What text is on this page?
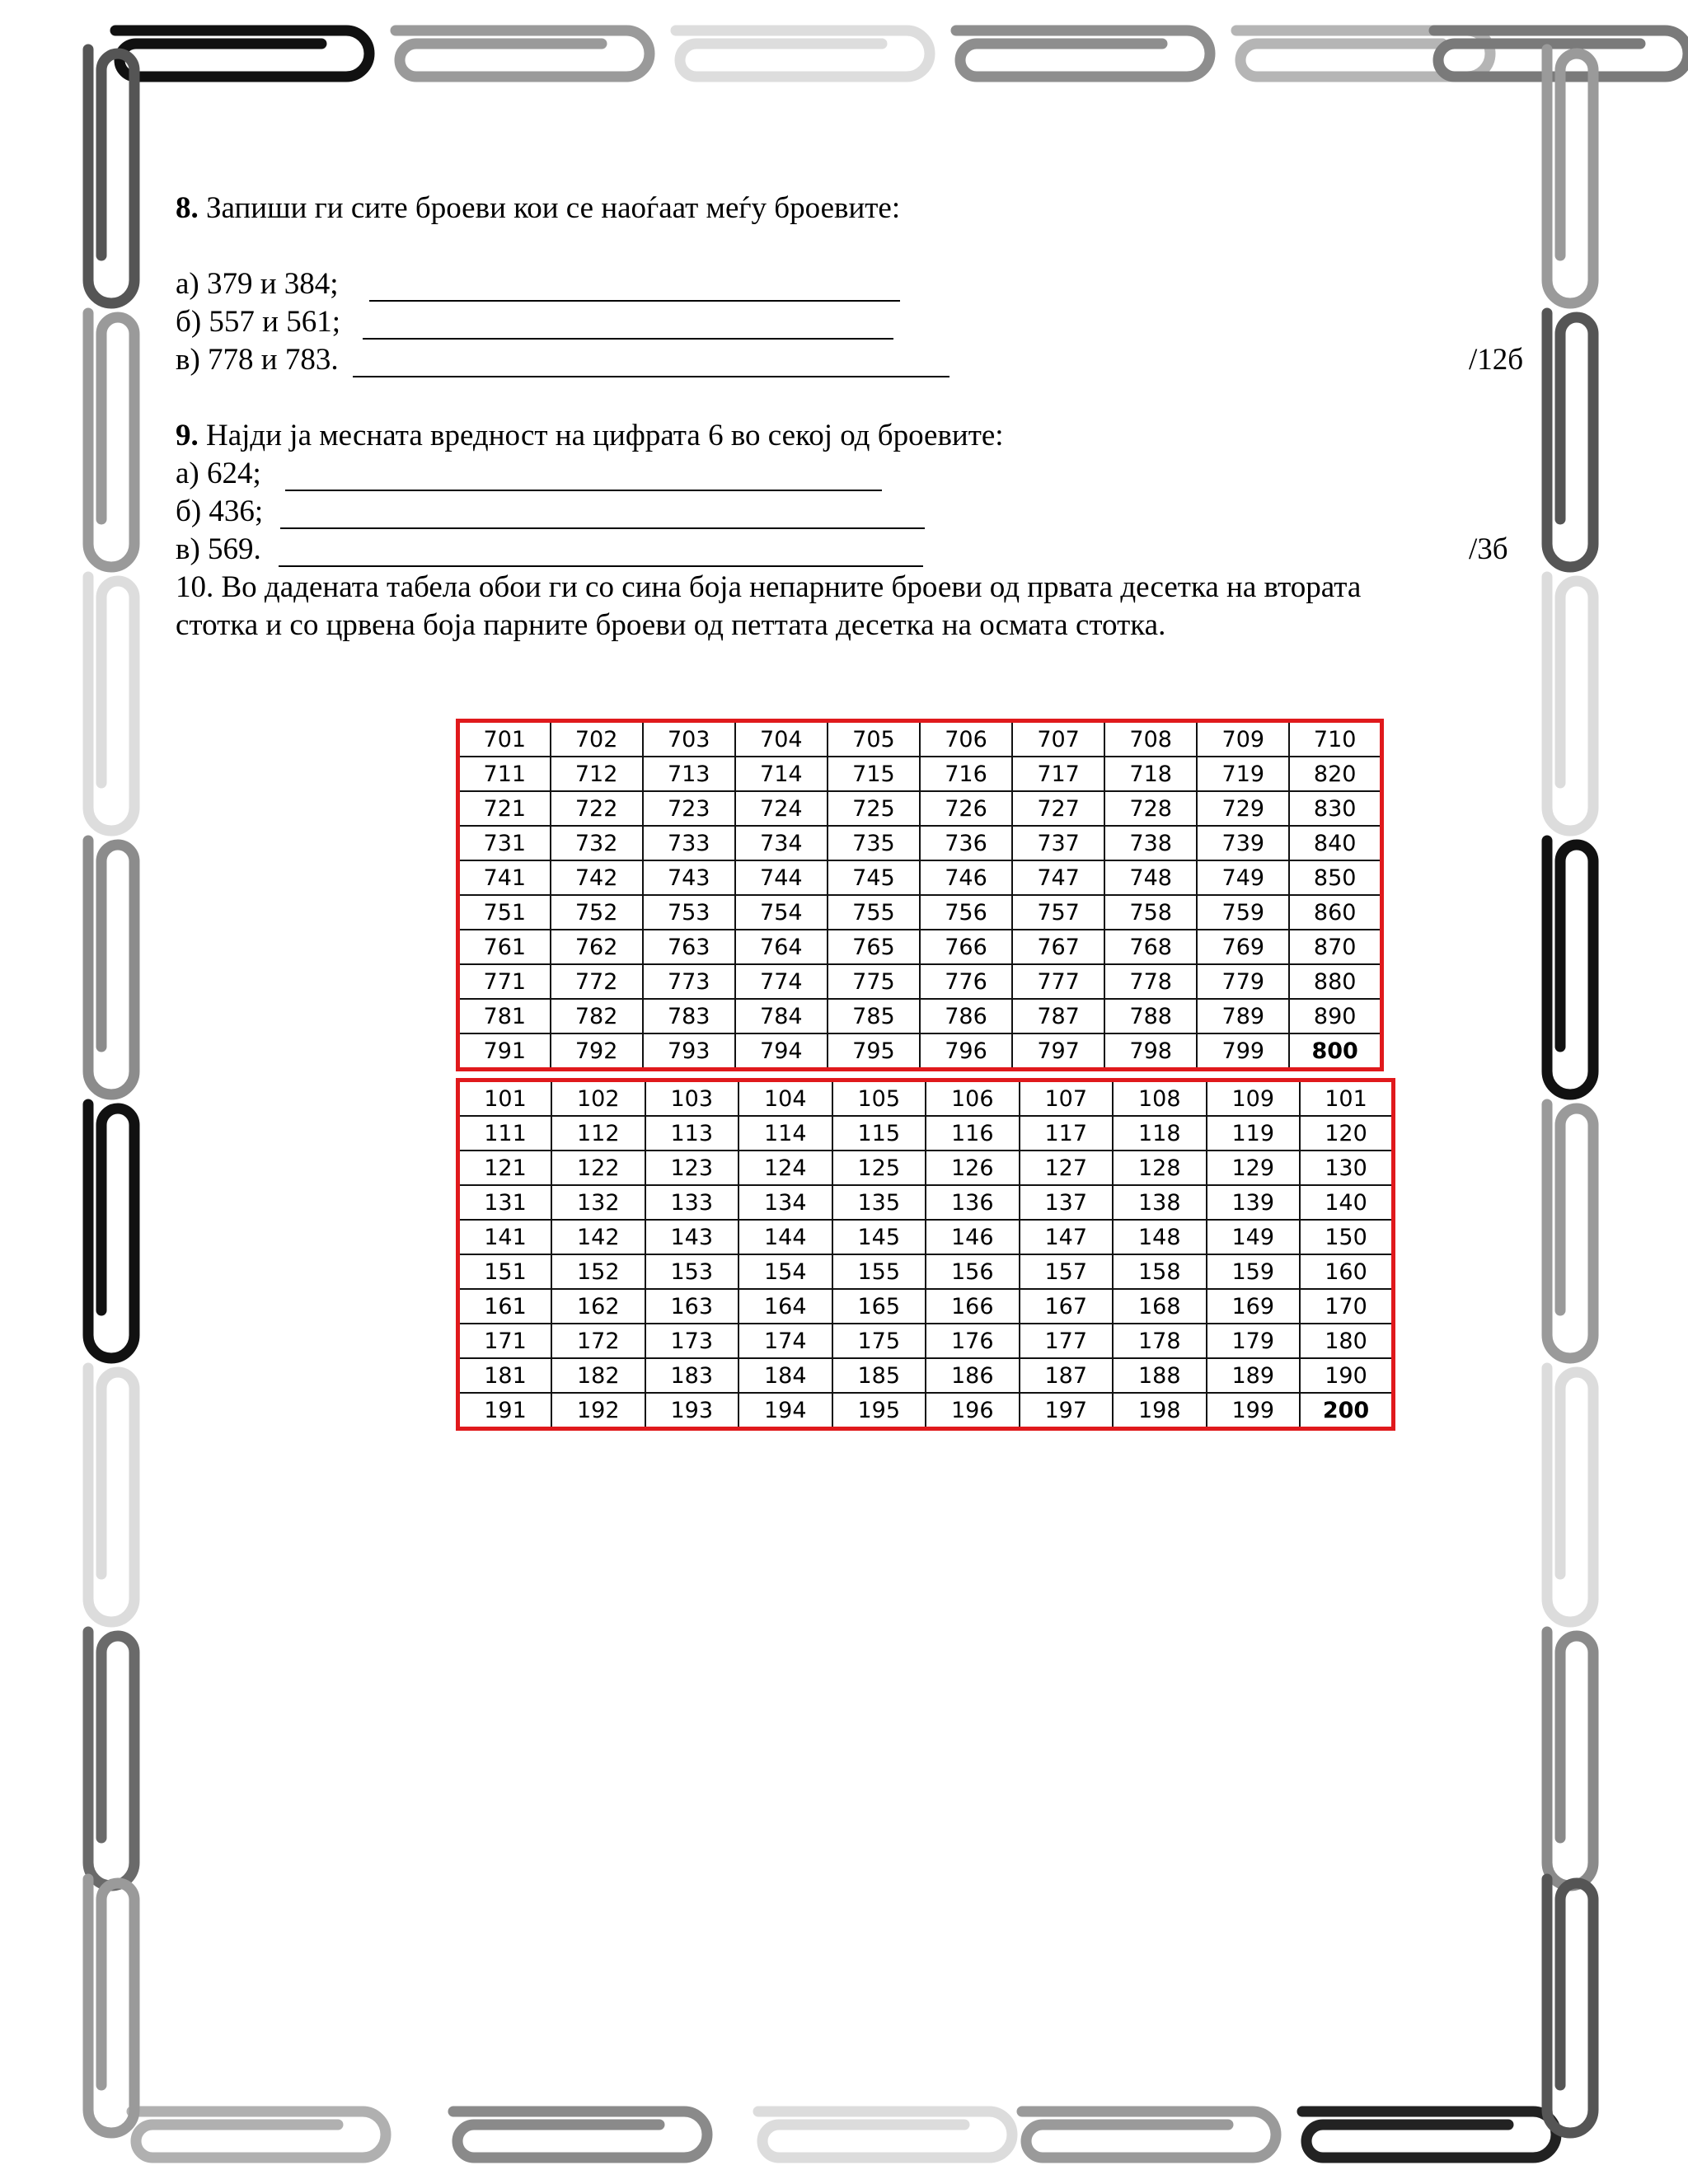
8. Запиши ги сите броеви кои се наоѓаат меѓу броевите:
а) 379 и 384;
б) 557 и 561;
в) 778 и 783.	/12б
9. Најди ја месната вредност на цифрата 6 во секој од броевите:
а) 624;
б) 436;
в) 569.	/3б
10. Во дадената табела обои ги со сина боја непарните броеви од првата десетка на втората
стотка и со црвена боја парните броеви од петтата десетка на осмата стотка.
701	702	703	704	705	706	707	708	709	710
711	712	713	714	715	716	717	718	719	820
721	722	723	724	725	726	727	728	729	830
731	732	733	734	735	736	737	738	739	840
741	742	743	744	745	746	747	748	749	850
751	752	753	754	755	756	757	758	759	860
761	762	763	764	765	766	767	768	769	870
771	772	773	774	775	776	777	778	779	880
781	782	783	784	785	786	787	788	789	890
791	792	793	794	795	796	797	798	799	800
101	102	103	104	105	106	107	108	109	101
111	112	113	114	115	116	117	118	119	120
121	122	123	124	125	126	127	128	129	130
131	132	133	134	135	136	137	138	139	140
141	142	143	144	145	146	147	148	149	150
151	152	153	154	155	156	157	158	159	160
161	162	163	164	165	166	167	168	169	170
171	172	173	174	175	176	177	178	179	180
181	182	183	184	185	186	187	188	189	190
191	192	193	194	195	196	197	198	199	200
